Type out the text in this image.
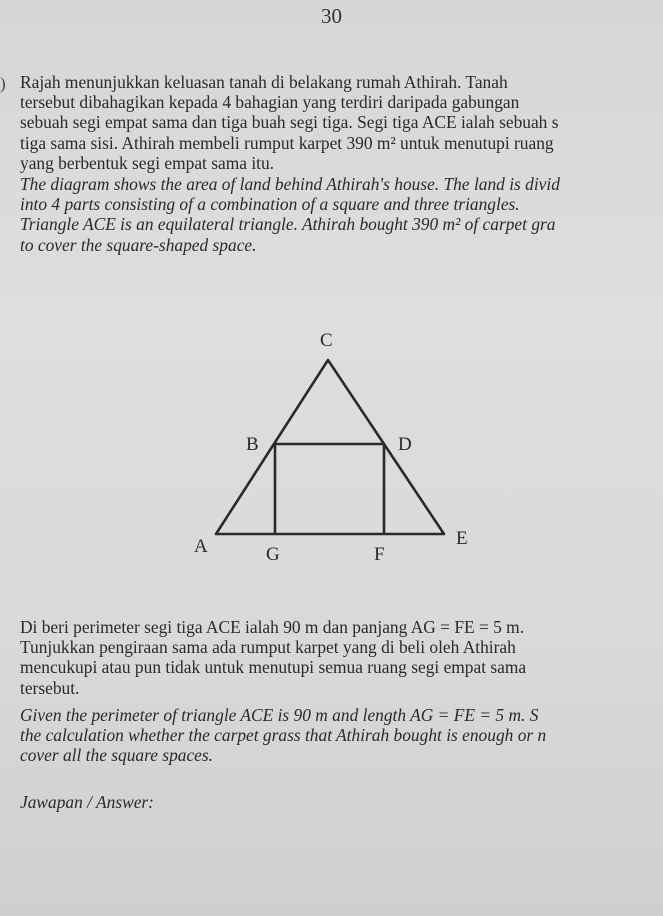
30
) Rajah menunjukkan keluasan tanah di belakang rumah Athirah. Tanah
tersebut dibahagikan kepada 4 bahagian yang terdiri daripada gabungan
sebuah segi empat sama dan tiga buah segi tiga. Segi tiga ACE ialah sebuah s
tiga sama sisi. Athirah membeli rumput karpet 390 m² untuk menutupi ruang
yang berbentuk segi empat sama itu.
The diagram shows the area of land behind Athirah's house. The land is divid
into 4 parts consisting of a combination of a square and three triangles.
Triangle ACE is an equilateral triangle. Athirah bought 390 m² of carpet gra
to cover the square-shaped space.
C
B	D
A	E
G	F
Di beri perimeter segi tiga ACE ialah 90 m dan panjang AG = FE = 5 m.
Tunjukkan pengiraan sama ada rumput karpet yang di beli oleh Athirah
mencukupi atau pun tidak untuk menutupi semua ruang segi empat sama
tersebut.
Given the perimeter of triangle ACE is 90 m and length AG = FE = 5 m. S
the calculation whether the carpet grass that Athirah bought is enough or n
cover all the square spaces.
Jawapan / Answer:
